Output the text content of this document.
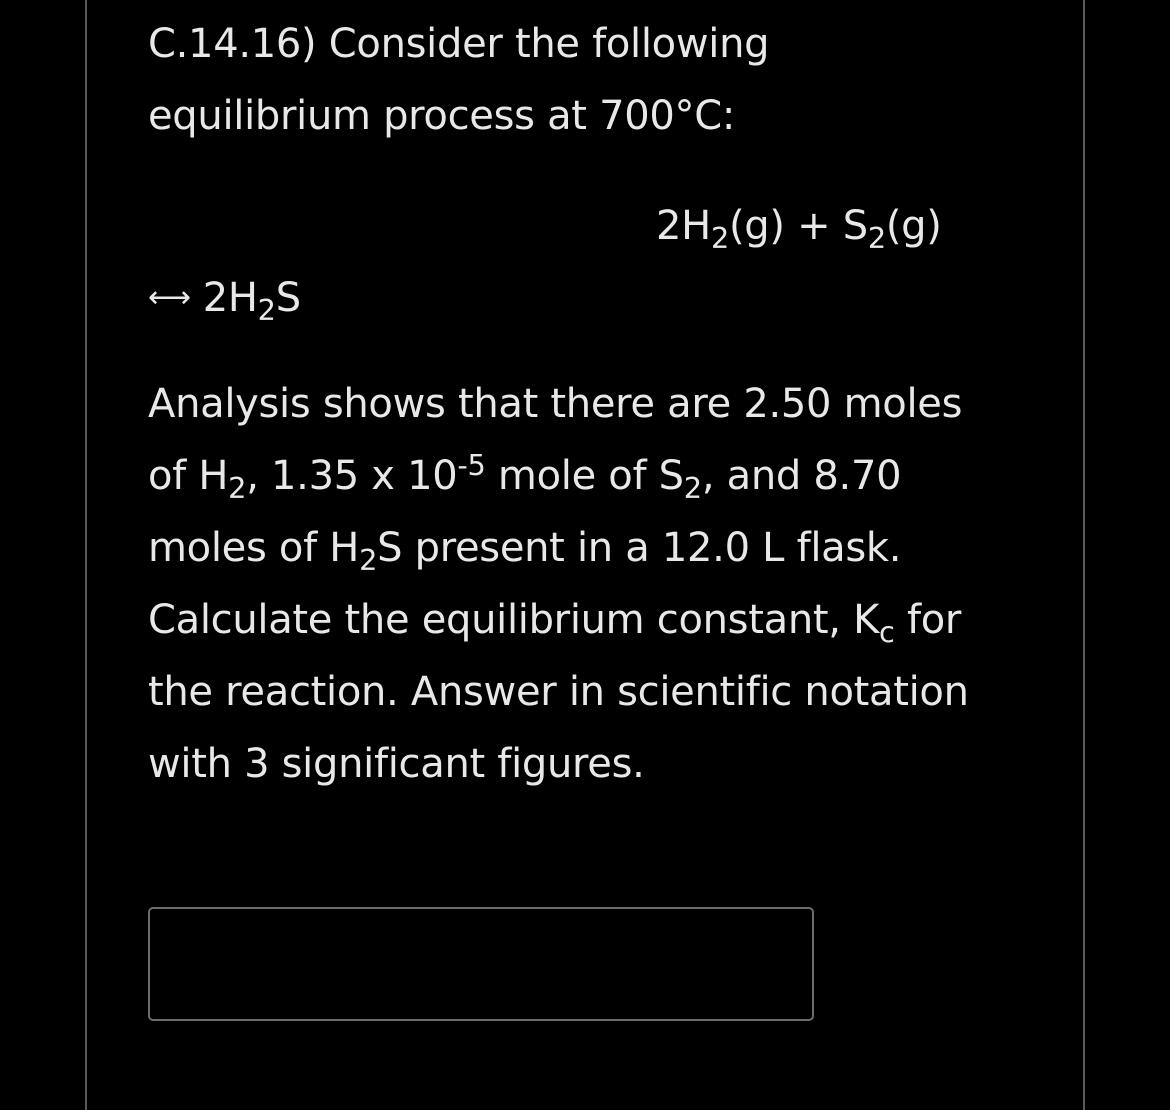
C.14.16) Consider the following
equilibrium process at 700°C:
$2H_2(g) + S_2(g)$
⟷ $2H_2S$
Analysis shows that there are 2.50 moles
of $H_2$, 1.35 x $10^{-5}$ mole of $S_2$, and 8.70
moles of $H_2S$ present in a 12.0 L flask.
Calculate the equilibrium constant, $K_c$ for
the reaction. Answer in scientific notation
with 3 significant figures.
